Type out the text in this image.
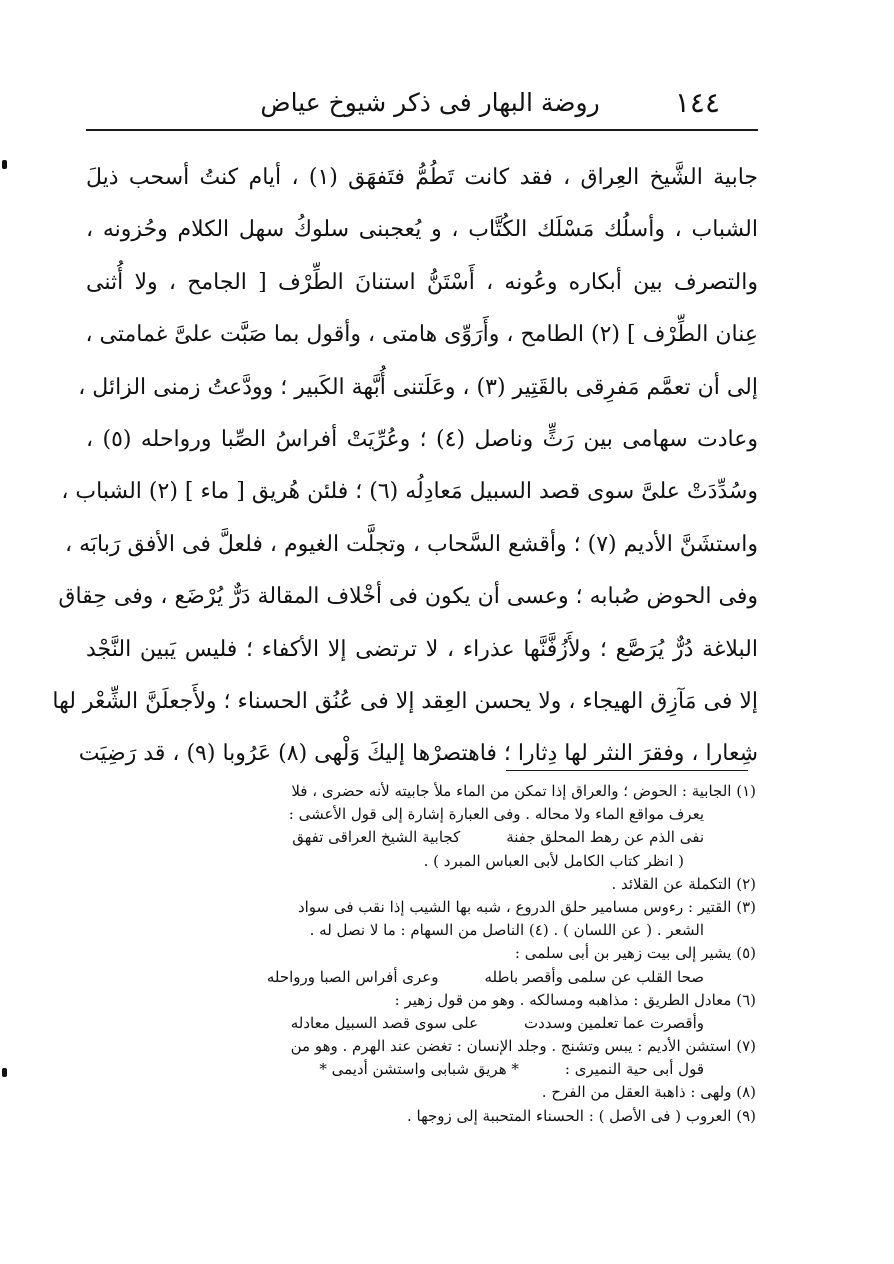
١٤٤
روضة البهار فى ذكر شيوخ عياض
جابية الشَّيخ العِراق ، فقد كانت تَطُمُّ فتَفهَق (١) ، أيام كنتُ أسحب ذيلَ
الشباب ، وأسلُك مَسْلَك الكُتَّاب ، و يُعجبنى سلوكُ سهل الكلام وحُزونه ،
والتصرف بين أبكاره وعُونه ، أَسْتَنُّ استنانَ الطِّرْف [ الجامح ، ولا أُثنى
عِنان الطِّرْف ] (٢) الطامح ، وأَرَوِّى هامتى ، وأقول بما صَبَّت علىَّ غمامتى ،
إلى أن تعمَّم مَفرِقى بالقَتِير (٣) ، وعَلَتنى أُبَّهة الكَبير ؛ وودَّعتُ زمنى الزائل ،
وعادت سهامى بين رَثٍّ وناصل (٤) ؛ وعُرِّيَتْ أفراسُ الصِّبا ورواحله (٥) ،
وسُدِّدَتْ علىَّ سوى قصد السبيل مَعادِلُه (٦) ؛ فلئن هُريق [ ماء ] (٢) الشباب ،
واستشَنَّ الأديم (٧) ؛ وأقشع السَّحاب ، وتجلَّت الغيوم ، فلعلَّ فى الأفق رَبابَه ،
وفى الحوض صُبابه ؛ وعسى أن يكون فى أخْلاف المقالة دَرٌّ يُرْضَع ، وفى حِقاق
البلاغة دُرٌّ يُرَصَّع ؛ ولأَزُفَّنَّها عذراء ، لا ترتضى إلا الأكفاء ؛ فليس يَبين النَّجْد
إلا فى مَآزِق الهيجاء ، ولا يحسن العِقد إلا فى عُنُق الحسناء ؛ ولأَجعلَنَّ الشِّعْر لها
شِعارا ، وفقرَ النثر لها دِثارا ؛ فاهتصرْها إليكَ وَلْهى (٨) عَرُوبا (٩) ، قد رَضِيَت
(١) الجابية : الحوض ؛ والعراق إذا تمكن من الماء ملأ جابيته لأنه حضرى ، فلا
يعرف مواقع الماء ولا محاله . وفى العبارة إشارة إلى قول الأعشى :
نفى الذم عن رهط المحلق جفنة
كجابية الشيخ العراقى تفهق
( انظر كتاب الكامل لأبى العباس المبرد ) .
(٢) التكملة عن القلائد .
(٣) القتير : رءوس مسامير حلق الدروع ، شبه بها الشيب إذا نقب فى سواد
الشعر . ( عن اللسان ) . (٤) الناصل من السهام : ما لا نصل له .
(٥) يشير إلى بيت زهير بن أبى سلمى :
صحا القلب عن سلمى وأقصر باطله
وعرى أفراس الصبا ورواحله
(٦) معادل الطريق : مذاهبه ومسالكه . وهو من قول زهير :
وأقصرت عما تعلمين وسددت
على سوى قصد السبيل معادله
(٧) استشن الأديم : يبس وتشنج . وجلد الإنسان : تغضن عند الهرم . وهو من
قول أبى حية النميرى :
* هريق شبابى واستشن أديمى *
(٨) ولهى : ذاهبة العقل من الفرح .
(٩) العروب ( فى الأصل ) : الحسناء المتحببة إلى زوجها .
